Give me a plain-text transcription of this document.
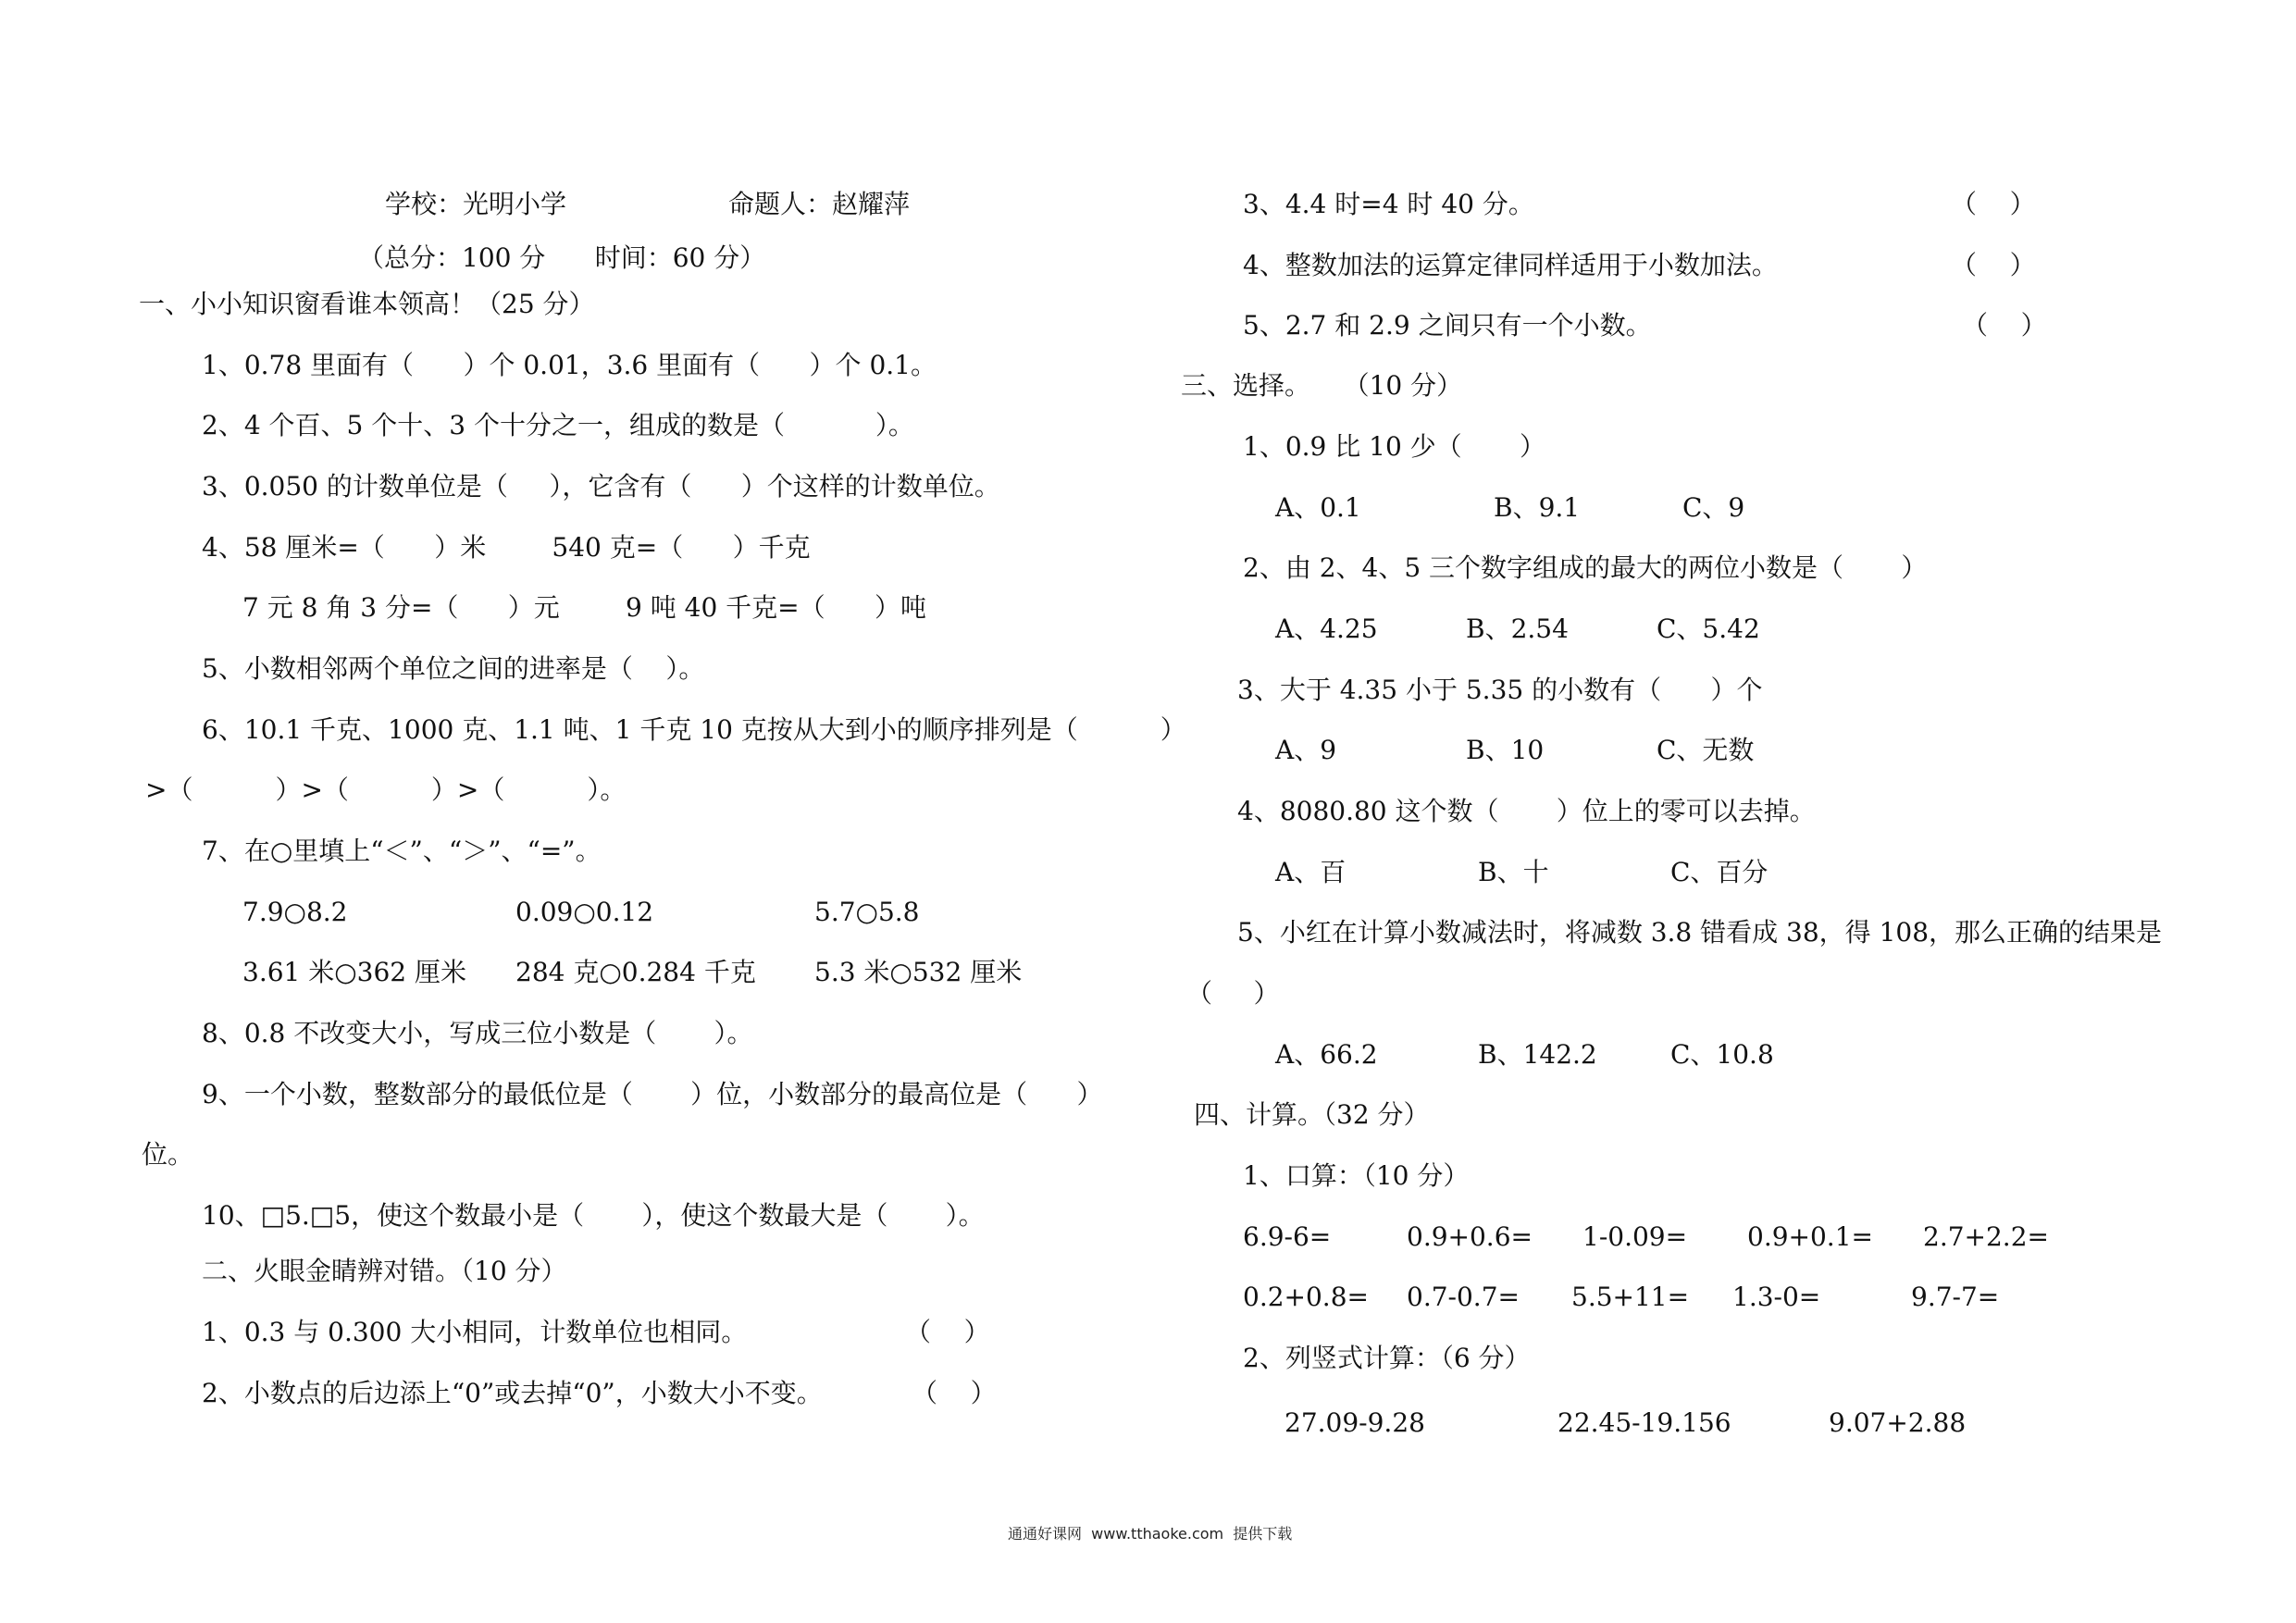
学校：光明小学	命题人：赵耀萍
（总分：100 分      时间：60 分）
一、小小知识窗看谁本领高！（25 分）
1、0.78 里面有（      ）个 0.01，3.6 里面有（      ）个 0.1。
2、4 个百、5 个十、3 个十分之一，组成的数是（           ）。
3、0.050 的计数单位是（     ），它含有（      ）个这样的计数单位。
4、58 厘米=（      ）米        540 克=（      ）千克
7 元 8 角 3 分=（      ）元        9 吨 40 千克=（      ）吨
5、小数相邻两个单位之间的进率是（    ）。
6、10.1 千克、1000 克、1.1 吨、1 千克 10 克按从大到小的顺序排列是（          ）
>（          ）>（          ）>（          ）。
7、在○里填上“＜”、“＞”、“=”。
7.9○8.2	0.09○0.12	5.7○5.8
3.61 米○362 厘米 284 克○0.284 千克 5.3 米○532 厘米
8、0.8 不改变大小，写成三位小数是（       ）。
9、一个小数，整数部分的最低位是（       ）位，小数部分的最高位是（      ）
位。
10、□5.□5，使这个数最小是（       ），使这个数最大是（       ）。
二、火眼金睛辨对错。（10 分）
1、0.3 与 0.300 大小相同，计数单位也相同。	（    ）
2、小数点的后边添上“0”或去掉“0”，小数大小不变。	（    ）
3、4.4 时=4 时 40 分。	（    ）
4、整数加法的运算定律同样适用于小数加法。	（    ）
5、2.7 和 2.9 之间只有一个小数。	（    ）
三、选择。    （10 分）
1、0.9 比 10 少（       ）
A、0.1	B、9.1	C、9
2、由 2、4、5 三个数字组成的最大的两位小数是（       ）
A、4.25	B、2.54	C、5.42
3、大于 4.35 小于 5.35 的小数有（      ）个
A、9	B、10	C、无数
4、8080.80 这个数（       ）位上的零可以去掉。
A、百	B、十	C、百分
5、小红在计算小数减法时，将减数 3.8 错看成 38，得 108，那么正确的结果是
（     ）
A、66.2	B、142.2	C、10.8
四、计算。（32 分）
1、口算：（10 分）
6.9-6=	0.9+0.6= 1-0.09= 0.9+0.1= 2.7+2.2=
0.2+0.8= 0.7-0.7= 5.5+11= 1.3-0=	9.7-7=
2、列竖式计算：（6 分）
27.09-9.28	22.45-19.156	9.07+2.88
通通好课网  www.tthaoke.com  提供下载
